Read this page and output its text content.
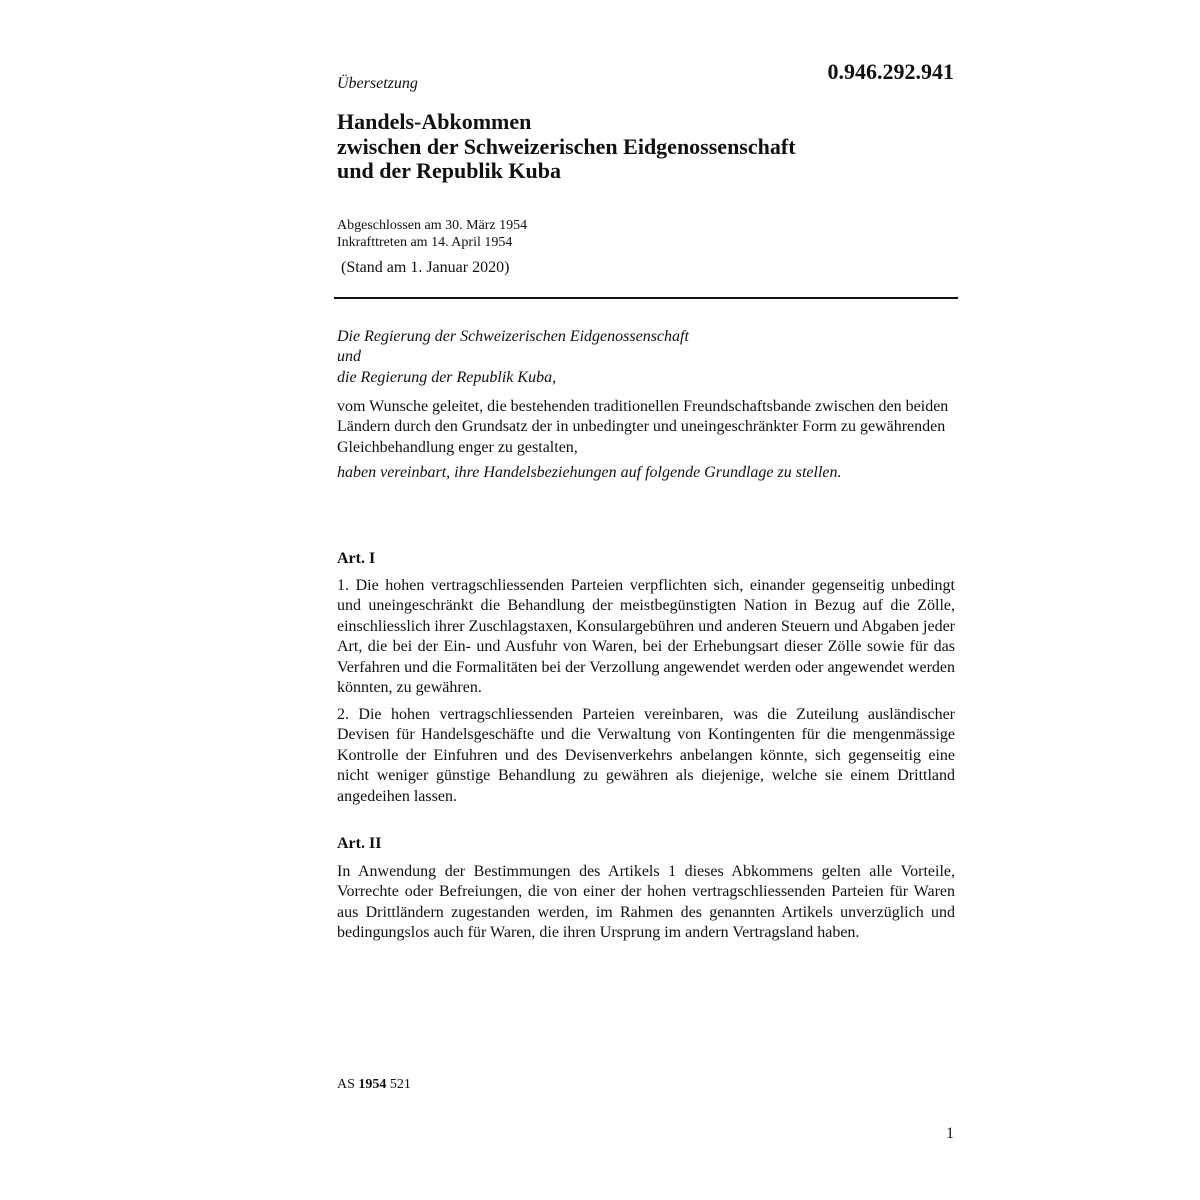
Übersetzung	0.946.292.941
Handels-Abkommen
zwischen der Schweizerischen Eidgenossenschaft
und der Republik Kuba
Abgeschlossen am 30. März 1954
Inkrafttreten am 14. April 1954
(Stand am 1. Januar 2020)
Die Regierung der Schweizerischen Eidgenossenschaft
und
die Regierung der Republik Kuba,

vom Wunsche geleitet, die bestehenden traditionellen Freundschaftsbande zwischen den beiden Ländern durch den Grundsatz der in unbedingter und uneingeschränkter Form zu gewährenden Gleichbehandlung enger zu gestalten,

haben vereinbart, ihre Handelsbeziehungen auf folgende Grundlage zu stellen.

Art. I

1. Die hohen vertragschliessenden Parteien verpflichten sich, einander gegenseitig unbedingt und uneingeschränkt die Behandlung der meistbegünstigten Nation in Bezug auf die Zölle, einschliesslich ihrer Zuschlagstaxen, Konsulargebühren und anderen Steuern und Abgaben jeder Art, die bei der Ein- und Ausfuhr von Waren, bei der Erhebungsart dieser Zölle sowie für das Verfahren und die Formalitäten bei der Verzollung angewendet werden oder angewendet werden könnten, zu gewähren.

2. Die hohen vertragschliessenden Parteien vereinbaren, was die Zuteilung ausländischer Devisen für Handelsgeschäfte und die Verwaltung von Kontingenten für die mengenmässige Kontrolle der Einfuhren und des Devisenverkehrs anbelangen könnte, sich gegenseitig eine nicht weniger günstige Behandlung zu gewähren als diejenige, welche sie einem Drittland angedeihen lassen.

Art. II

In Anwendung der Bestimmungen des Artikels 1 dieses Abkommens gelten alle Vorteile, Vorrechte oder Befreiungen, die von einer der hohen vertragschliessenden Parteien für Waren aus Drittländern zugestanden werden, im Rahmen des genannten Artikels unverzüglich und bedingungslos auch für Waren, die ihren Ursprung im andern Vertragsland haben.

AS 1954 521
1
